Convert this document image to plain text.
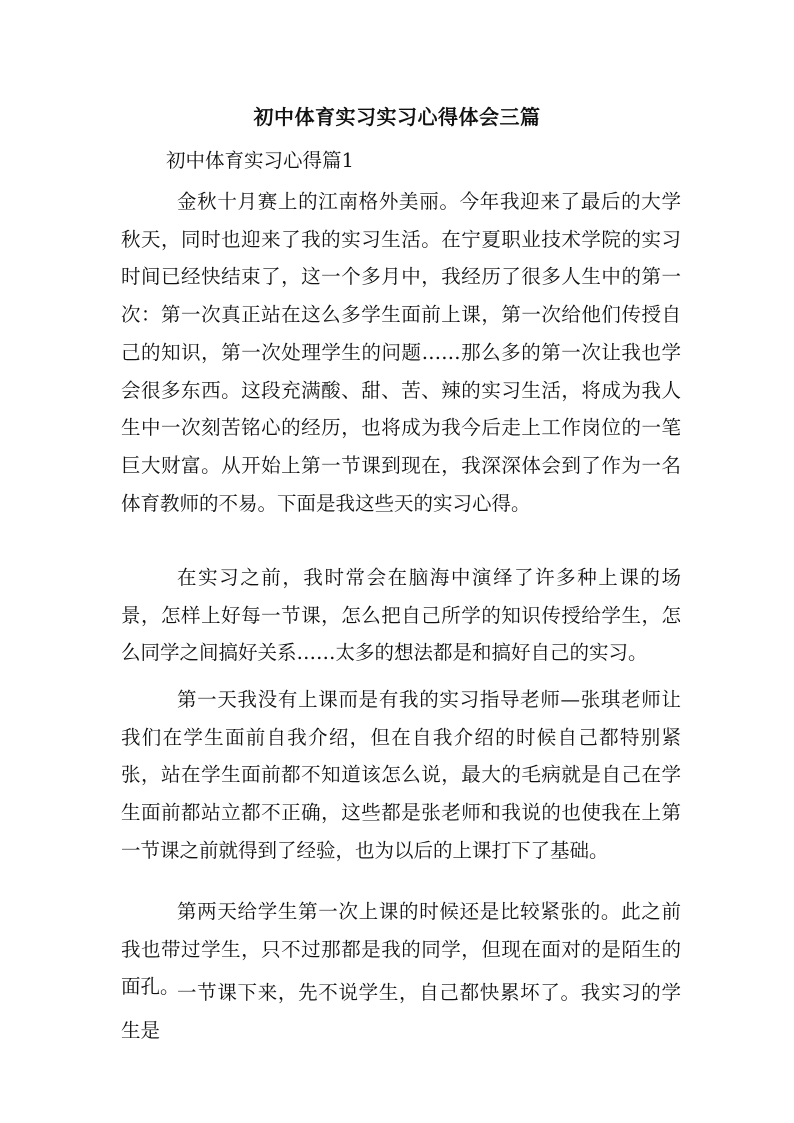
初中体育实习实习心得体会三篇
初中体育实习心得篇1

金秋十月赛上的江南格外美丽。今年我迎来了最后的大学秋天，同时也迎来了我的实习生活。在宁夏职业技术学院的实习时间已经快结束了，这一个多月中，我经历了很多人生中的第一次：第一次真正站在这么多学生面前上课，第一次给他们传授自己的知识，第一次处理学生的问题……那么多的第一次让我也学会很多东西。这段充满酸、甜、苦、辣的实习生活，将成为我人生中一次刻苦铭心的经历，也将成为我今后走上工作岗位的一笔巨大财富。从开始上第一节课到现在，我深深体会到了作为一名体育教师的不易。下面是我这些天的实习心得。

在实习之前，我时常会在脑海中演绎了许多种上课的场景，怎样上好每一节课，怎么把自己所学的知识传授给学生，怎么同学之间搞好关系……太多的想法都是和搞好自己的实习。

第一天我没有上课而是有我的实习指导老师—张琪老师让我们在学生面前自我介绍，但在自我介绍的时候自己都特别紧张，站在学生面前都不知道该怎么说，最大的毛病就是自己在学生面前都站立都不正确，这些都是张老师和我说的也使我在上第一节课之前就得到了经验，也为以后的上课打下了基础。

第两天给学生第一次上课的时候还是比较紧张的。此之前我也带过学生，只不过那都是我的同学，但现在面对的是陌生的面孔。

一节课下来，先不说学生，自己都快累坏了。我实习的学生是
